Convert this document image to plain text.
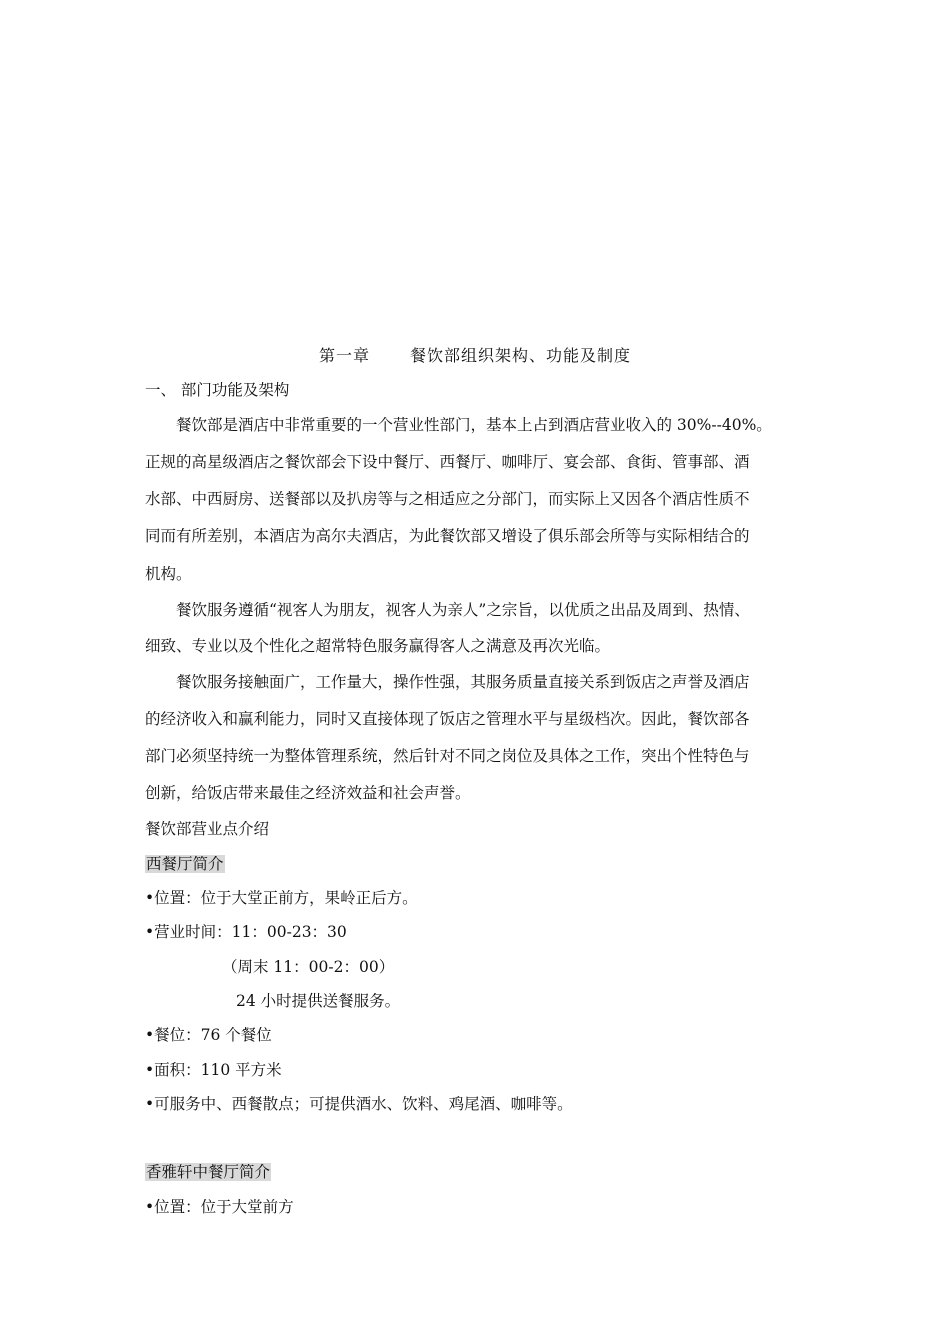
第一章	餐饮部组织架构、功能及制度
一、 部门功能及架构
　　餐饮部是酒店中非常重要的一个营业性部门，基本上占到酒店营业收入的 30%--40%。
正规的高星级酒店之餐饮部会下设中餐厅、西餐厅、咖啡厅、宴会部、食街、管事部、酒
水部、中西厨房、送餐部以及扒房等与之相适应之分部门，而实际上又因各个酒店性质不
同而有所差别，本酒店为高尔夫酒店，为此餐饮部又增设了俱乐部会所等与实际相结合的
机构。
　　餐饮服务遵循“视客人为朋友，视客人为亲人”之宗旨，以优质之出品及周到、热情、
细致、专业以及个性化之超常特色服务赢得客人之满意及再次光临。
　　餐饮服务接触面广，工作量大，操作性强，其服务质量直接关系到饭店之声誉及酒店
的经济收入和赢利能力，同时又直接体现了饭店之管理水平与星级档次。因此，餐饮部各
部门必须坚持统一为整体管理系统，然后针对不同之岗位及具体之工作，突出个性特色与
创新，给饭店带来最佳之经济效益和社会声誉。
餐饮部营业点介绍
西餐厅简介
•位置：位于大堂正前方，果岭正后方。
•营业时间：11：00-23：30
（周末 11：00-2：00）
24 小时提供送餐服务。
•餐位：76 个餐位
•面积：110 平方米
•可服务中、西餐散点；可提供酒水、饮料、鸡尾酒、咖啡等。
香雅轩中餐厅简介
•位置：位于大堂前方
